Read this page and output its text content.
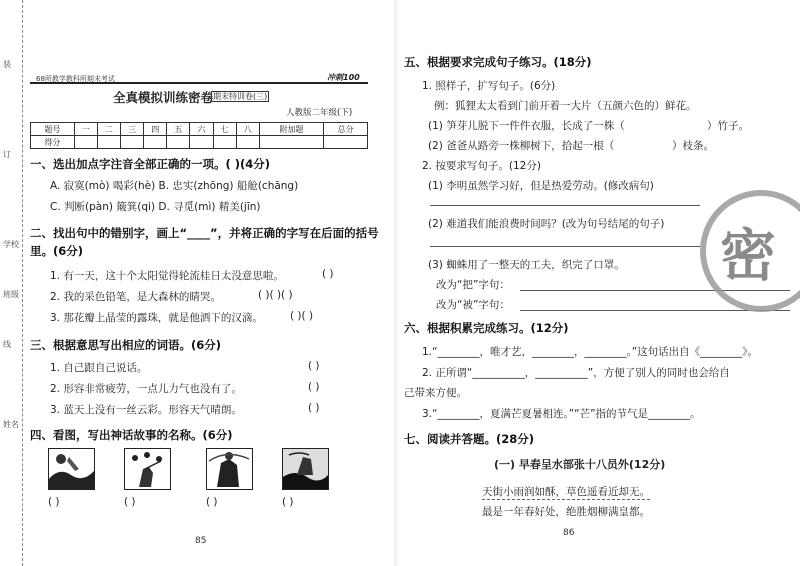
装
订
学校
班级
线
姓名
68所教学教科所期末考试	冲刺100
全真模拟训练密卷 期末特训卷(三)
人教版二年级(下)
题号	一	二	三	四	五	六	七	八	附加题	总分
得分										
一、选出加点字注音全部正确的一项。( )(4分)
A. 寂寞(mò) 喝彩(hè) B. 忠实(zhōng) 船舱(chāng)
C. 判断(pàn) 簸箕(qi) D. 寻觅(mì) 精美(jīn)
二、找出句中的错别字，画上“____”，并将正确的字写在后面的括号
里。(6分)
1. 有一天，这十个太阳觉得轮流桂日太没意思啦。	( )
2. 我的采色铅笔，是大森林的睛哭。	( )( )( )
3. 那花瓣上晶莹的露珠，就是他洒下的汉滴。	( )( )
三、根据意思写出相应的词语。(6分)
1. 自己跟自己说话。	( )
2. 形容非常疲劳，一点儿力气也没有了。	( )
3. 蓝天上没有一丝云彩。形容天气晴朗。	( )
四、看图，写出神话故事的名称。(6分)
( )	( )	( )	( )
85
五、根据要求完成句子练习。(18分)
1. 照样子，扩写句子。(6分)
例：狐狸太太看到门前开着一大片（五颜六色的）鲜花。
(1) 笋芽儿脱下一件件衣服，长成了一株（	）竹子。
(2) 爸爸从路旁一株柳树下，拾起一根（	）枝条。
2. 按要求写句子。(12分)
(1) 李明虽然学习好，但是热爱劳动。(修改病句)
(2) 难道我们能浪费时间吗？(改为句号结尾的句子)
(3) 蜘蛛用了一整天的工夫，织完了口罩。
改为“把”字句：
改为“被”字句：
六、根据积累完成练习。(12分)
1.“________，唯才艺，________，________。”这句话出自《________》。
2. 正所谓“__________，__________”，方便了别人的同时也会给自
己带来方便。
3.“________，夏满芒夏暑相连。”“芒”指的节气是________。
七、阅读并答题。(28分)
(一) 早春呈水部张十八员外(12分)
天街小雨润如酥，草色遥看近却无。
最是一年春好处，绝胜烟柳满皇都。
86
密
